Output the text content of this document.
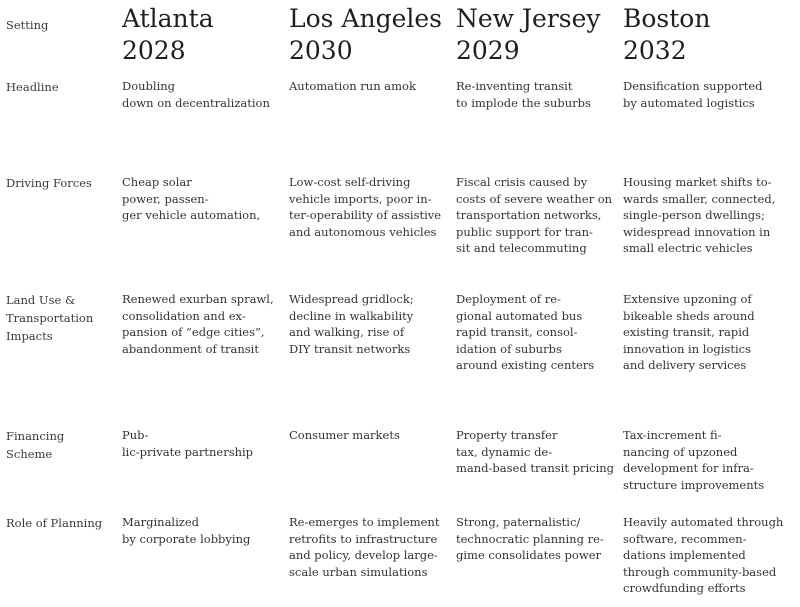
Setting
Headline
Driving Forces
Land Use &
Transportation
Impacts
Financing
Scheme
Role of Planning
Atlanta
2028
Doubling
down on decentralization
Cheap solar
power, passen-
ger vehicle automation,
Renewed exurban sprawl,
consolidation and ex-
pansion of “edge cities”,
abandonment of transit
Pub-
lic-private partnership
Marginalized
by corporate lobbying
Los Angeles
2030
Automation run amok
Low-cost self-driving
vehicle imports, poor in-
ter-operability of assistive
and autonomous vehicles
Widespread gridlock;
decline in walkability
and walking, rise of
DIY transit networks
Consumer markets
Re-emerges to implement
retrofits to infrastructure
and policy, develop large-
scale urban simulations
New Jersey
2029
Re-inventing transit
to implode the suburbs
Fiscal crisis caused by
costs of severe weather on
transportation networks,
public support for tran-
sit and telecommuting
Deployment of re-
gional automated bus
rapid transit, consol-
idation of suburbs
around existing centers
Property transfer
tax, dynamic de-
mand-based transit pricing
Strong, paternalistic/
technocratic planning re-
gime consolidates power
Boston
2032
Densification supported
by automated logistics
Housing market shifts to-
wards smaller, connected,
single-person dwellings;
widespread innovation in
small electric vehicles
Extensive upzoning of
bikeable sheds around
existing transit, rapid
innovation in logistics
and delivery services
Tax-increment fi-
nancing of upzoned
development for infra-
structure improvements
Heavily automated through
software, recommen-
dations implemented
through community-based
crowdfunding efforts
